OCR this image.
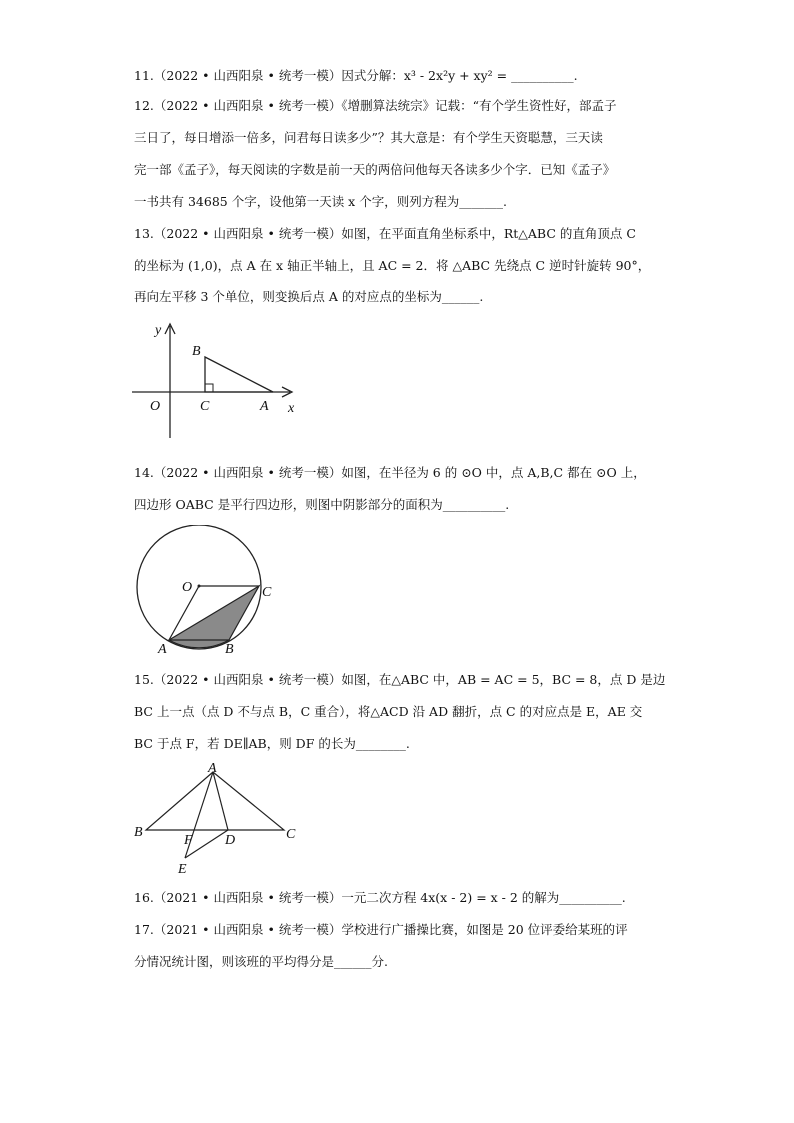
11.（2022 • 山西阳泉 • 统考一模）因式分解：x³ - 2x²y + xy² = __________.
12.（2022 • 山西阳泉 • 统考一模）《增删算法统宗》记载：“有个学生资性好，部孟子
三日了，每日增添一倍多，问君每日读多少”？其大意是：有个学生天资聪慧，三天读
完一部《孟子》，每天阅读的字数是前一天的两倍问他每天各读多少个字．已知《孟子》
一书共有 34685 个字，设他第一天读 x 个字，则列方程为_______.
13.（2022 • 山西阳泉 • 统考一模）如图，在平面直角坐标系中，Rt△ABC 的直角顶点 C
的坐标为 (1,0)，点 A 在 x 轴正半轴上，且 AC = 2．将 △ABC 先绕点 C 逆时针旋转 90°，
再向左平移 3 个单位，则变换后点 A 的对应点的坐标为______.
y
x
O
B
C	A
14.（2022 • 山西阳泉 • 统考一模）如图，在半径为 6 的 ⊙O 中，点 A,B,C 都在 ⊙O 上，
四边形 OABC 是平行四边形，则图中阴影部分的面积为__________.
O	C
A	B
15.（2022 • 山西阳泉 • 统考一模）如图，在△ABC 中，AB = AC = 5，BC = 8，点 D 是边
BC 上一点（点 D 不与点 B，C 重合），将△ACD 沿 AD 翻折，点 C 的对应点是 E，AE 交
BC 于点 F，若 DE∥AB，则 DF 的长为________.
A
B	C
D
E
F
16.（2021 • 山西阳泉 • 统考一模）一元二次方程 4x(x - 2) = x - 2 的解为__________.
17.（2021 • 山西阳泉 • 统考一模）学校进行广播操比赛，如图是 20 位评委给某班的评
分情况统计图，则该班的平均得分是______分.
